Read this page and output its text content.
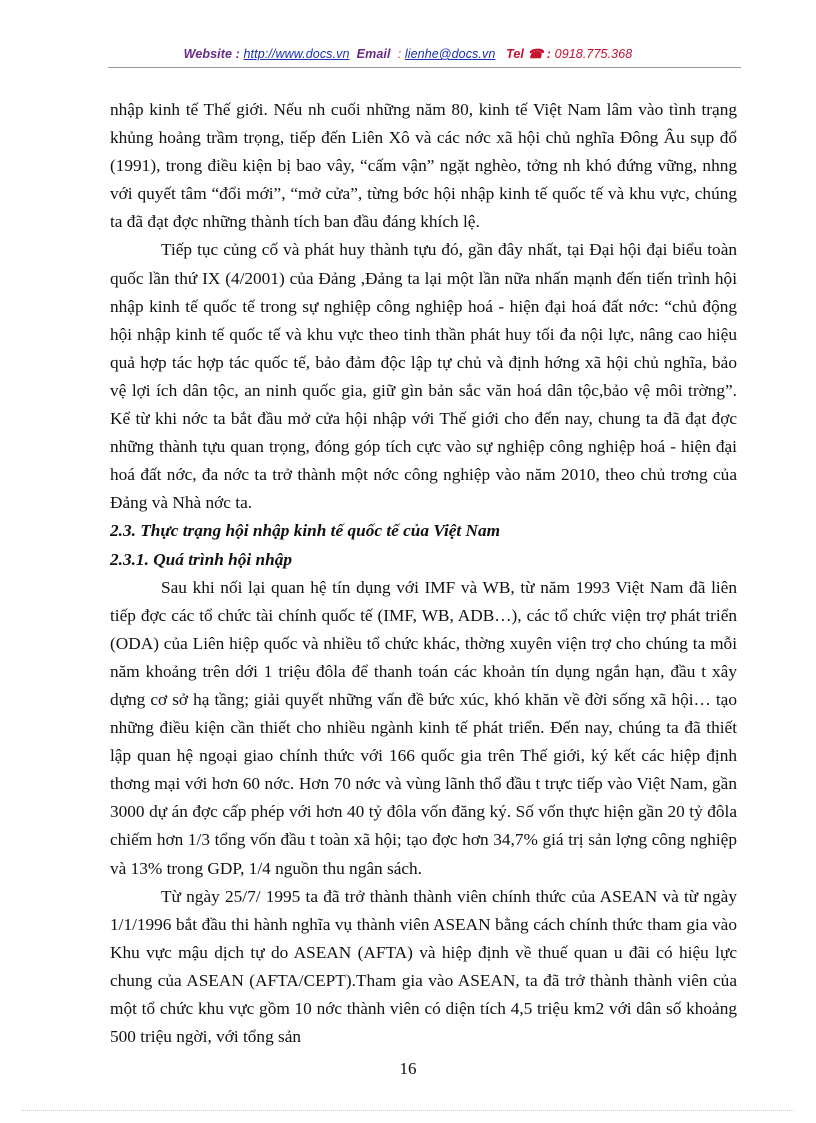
Website : http://www.docs.vn Email : lienhe@docs.vn Tel ☎ : 0918.775.368

nhập kinh tế Thế giới. Nếu nh cuối những năm 80, kinh tế Việt Nam lâm vào tình trạng khủng hoảng trầm trọng, tiếp đến Liên Xô và các nớc xã hội chủ nghĩa Đông Âu sụp đổ (1991), trong điều kiện bị bao vây, “cấm vận” ngặt nghèo, tởng nh khó đứng vững, nhng với quyết tâm “đổi mới”, “mở cửa”, từng bớc hội nhập kinh tế quốc tế và khu vực, chúng ta đã đạt đợc những thành tích ban đầu đáng khích lệ.

Tiếp tục củng cố và phát huy thành tựu đó, gần đây nhất, tại Đại hội đại biểu toàn quốc lần thứ IX (4/2001) của Đảng ,Đảng ta lại một lần nữa nhấn mạnh đến tiến trình hội nhập kinh tế quốc tế trong sự nghiệp công nghiệp hoá - hiện đại hoá đất nớc: “chủ động hội nhập kinh tế quốc tế và khu vực theo tinh thần phát huy tối đa nội lực, nâng cao hiệu quả hợp tác hợp tác quốc tế, bảo đảm độc lập tự chủ và định hớng xã hội chủ nghĩa, bảo vệ lợi ích dân tộc, an ninh quốc gia, giữ gìn bản sắc văn hoá dân tộc,bảo vệ môi trờng”. Kể từ khi nớc ta bắt đầu mở cửa hội nhập với Thế giới cho đến nay, chung ta đã đạt đợc những thành tựu quan trọng, đóng góp tích cực vào sự nghiệp công nghiệp hoá - hiện đại hoá đất nớc, đa nớc ta trở thành một nớc công nghiệp vào năm 2010, theo chủ trơng của Đảng và Nhà nớc ta.

2.3. Thực trạng hội nhập kinh tế quốc tế của Việt Nam
2.3.1. Quá trình hội nhập

Sau khi nối lại quan hệ tín dụng với IMF và WB, từ năm 1993 Việt Nam đã liên tiếp đợc các tổ chức tài chính quốc tế (IMF, WB, ADB…), các tổ chức viện trợ phát triển (ODA) của Liên hiệp quốc và nhiều tổ chức khác, thờng xuyên viện trợ cho chúng ta mỗi năm khoảng trên dới 1 triệu đôla để thanh toán các khoản tín dụng ngắn hạn, đầu t xây dựng cơ sở hạ tầng; giải quyết những vấn đề bức xúc, khó khăn về đời sống xã hội… tạo những điều kiện cần thiết cho nhiều ngành kinh tế phát triển. Đến nay, chúng ta đã thiết lập quan hệ ngoại giao chính thức với 166 quốc gia trên Thế giới, ký kết các hiệp định thơng mại với hơn 60 nớc. Hơn 70 nớc và vùng lãnh thổ đầu t trực tiếp vào Việt Nam, gần 3000 dự án đợc cấp phép với hơn 40 tỷ đôla vốn đăng ký. Số vốn thực hiện gần 20 tỷ đôla chiếm hơn 1/3 tổng vốn đầu t toàn xã hội; tạo đợc hơn 34,7% giá trị sản lợng công nghiệp và 13% trong GDP, 1/4 nguồn thu ngân sách.

Từ ngày 25/7/ 1995 ta đã trở thành thành viên chính thức của ASEAN và từ ngày 1/1/1996 bắt đầu thi hành nghĩa vụ thành viên ASEAN bằng cách chính thức tham gia vào Khu vực mậu dịch tự do ASEAN (AFTA) và hiệp định về thuế quan u đãi có hiệu lực chung của ASEAN (AFTA/CEPT).Tham gia vào ASEAN, ta đã trở thành thành viên của một tổ chức khu vực gồm 10 nớc thành viên có diện tích 4,5 triệu km2 với dân số khoảng 500 triệu ngời, với tổng sản

16
